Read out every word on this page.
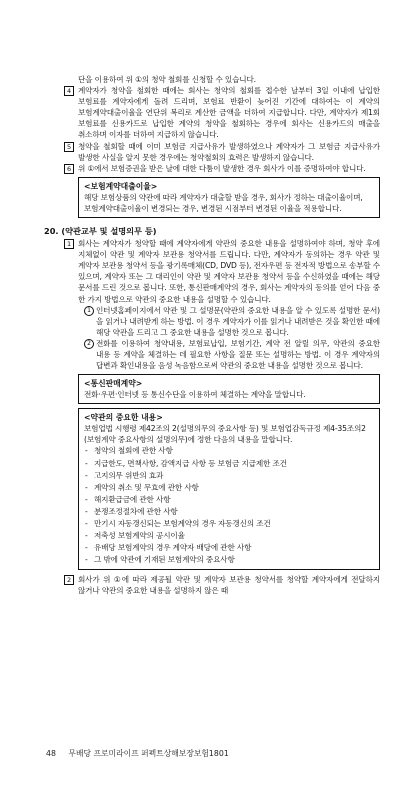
단을 이용하여 위 ①의 청약 철회를 신청할 수 있습니다.
4 계약자가 청약을 철회한 때에는 회사는 청약의 철회를 접수한 날부터 3일 이내에 납입한 보험료를 계약자에게 돌려 드리며, 보험료 반환이 늦어진 기간에 대하여는 이 계약의 보험계약대출이율을 연단위 복리로 계산한 금액을 더하여 지급합니다. 다만, 계약자가 제1회 보험료를 신용카드로 납입한 계약의 청약을 철회하는 경우에 회사는 신용카드의 매출을 취소하며 이자를 더하여 지급하지 않습니다.
5 청약을 철회할 때에 이미 보험금 지급사유가 발생하였으나 계약자가 그 보험금 지급사유가 발생한 사실을 알지 못한 경우에는 청약철회의 효력은 발생하지 않습니다.
6 위 ①에서 보험증권을 받은 날에 대한 다툼이 발생한 경우 회사가 이를 증명하여야 합니다.
<보험계약대출이율>
해당 보험상품의 약관에 따라 계약자가 대출할 받을 경우, 회사가 정하는 대출이율이며, 보험계약대출이율이 변경되는 경우, 변경된 시점부터 변경된 이율을 적용합니다.
20. (약관교부 및 설명의무 등)
1 회사는 계약자가 청약할 때에 계약자에게 약관의 중요한 내용을 설명하여야 하며, 청약 후에 지체없이 약관 및 계약자 보관용 청약서를 드립니다. 다만, 계약자가 동의하는 경우 약관 및 계약자 보관용 청약서 등을 광기록매체(CD, DVD 등), 전자우편 등 전자적 방법으로 송부할 수 있으며, 계약자 또는 그 대리인이 약관 및 계약자 보관용 청약서 등을 수신하였을 때에는 해당 문서를 드린 것으로 봅니다. 또한, 통신판매계약의 경우, 회사는 계약자의 동의를 얻어 다음 중 한 가지 방법으로 약관의 중요한 내용을 설명할 수 있습니다.
1 인터넷홈페이지에서 약관 및 그 설명문(약관의 중요한 내용을 알 수 있도록 설명한 문서)을 읽거나 내려받게 하는 방법. 이 경우 계약자가 이를 읽거나 내려받은 것을 확인한 때에 해당 약관을 드리고 그 중요한 내용을 설명한 것으로 봅니다.
2 전화를 이용하여 청약내용, 보험료납입, 보험기간, 계약 전 알릴 의무, 약관의 중요한 내용 등 계약을 체결하는 데 필요한 사항을 질문 또는 설명하는 방법. 이 경우 계약자의 답변과 확인내용을 음성 녹음함으로써 약관의 중요한 내용을 설명한 것으로 봅니다.
<통신판매계약>
전화·우편·인터넷 등 통신수단을 이용하여 체결하는 계약을 말합니다.
<약관의 중요한 내용>
보험업법 시행령 제42조의 2(설명의무의 중요사항 등) 및 보험업감독규정 제4-35조의2 (보험계약 중요사항의 설명의무)에 정한 다음의 내용을 말합니다.
- 청약의 철회에 관한 사항
- 지급한도, 면책사항, 감액지급 사항 등 보험금 지급제한 조건
- 고지의무 위반의 효과
- 계약의 취소 및 무효에 관한 사항
- 해지환급금에 관한 사항
- 분쟁조정절차에 관한 사항
- 만기시 자동갱신되는 보험계약의 경우 자동갱신의 조건
- 저축성 보험계약의 공시이율
- 유배당 보험계약의 경우 계약자 배당에 관한 사항
- 그 밖에 약관에 기재된 보험계약의 중요사항
2 회사가 위 ①에 따라 제공될 약관 및 계약자 보관용 청약서를 청약할 계약자에게 전달하지 않거나 약관의 중요한 내용을 설명하지 않은 때
48 무배당 프로미라이프 퍼펙트상해보장보험1801
